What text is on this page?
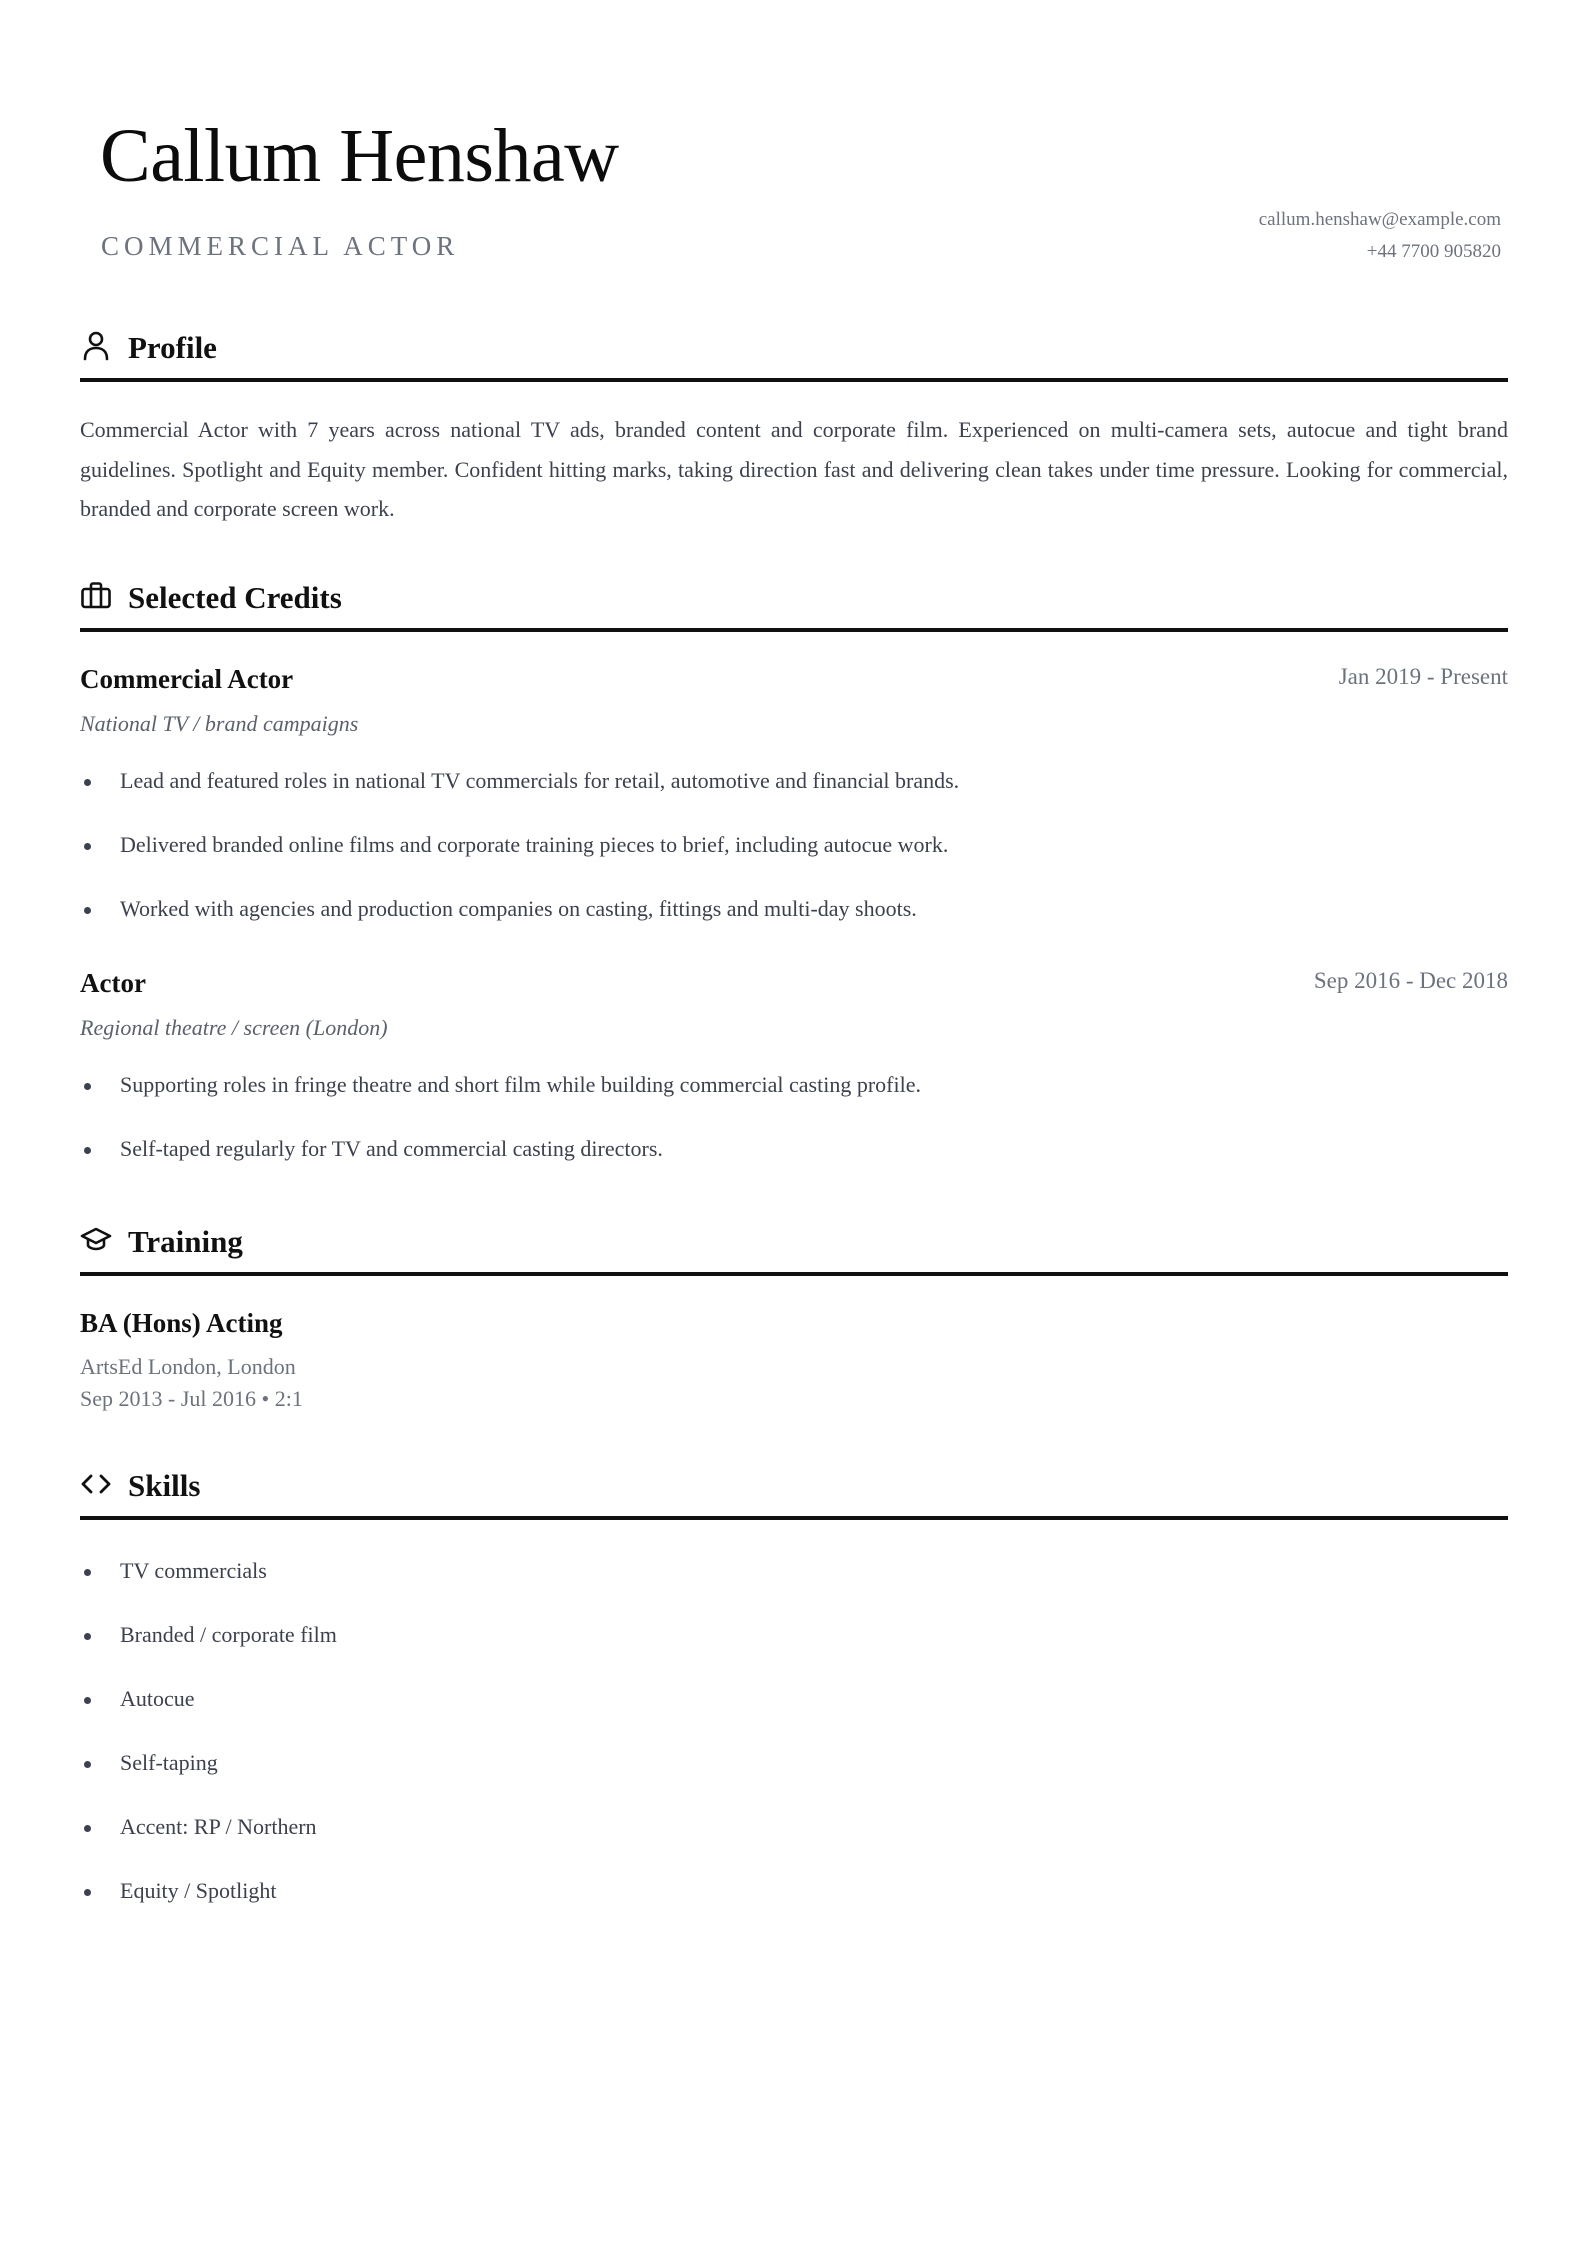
Callum Henshaw
COMMERCIAL ACTOR
callum.henshaw@example.com
+44 7700 905820
Profile
Commercial Actor with 7 years across national TV ads, branded content and corporate film. Experienced on multi-camera sets, autocue and tight brand guidelines. Spotlight and Equity member. Confident hitting marks, taking direction fast and delivering clean takes under time pressure. Looking for commercial, branded and corporate screen work.
Selected Credits
Commercial Actor	Jan 2019 - Present
National TV / brand campaigns
Lead and featured roles in national TV commercials for retail, automotive and financial brands.
Delivered branded online films and corporate training pieces to brief, including autocue work.
Worked with agencies and production companies on casting, fittings and multi-day shoots.
Actor	Sep 2016 - Dec 2018
Regional theatre / screen (London)
Supporting roles in fringe theatre and short film while building commercial casting profile.
Self-taped regularly for TV and commercial casting directors.
Training
BA (Hons) Acting
ArtsEd London, London
Sep 2013 - Jul 2016 • 2:1
Skills
TV commercials
Branded / corporate film
Autocue
Self-taping
Accent: RP / Northern
Equity / Spotlight
